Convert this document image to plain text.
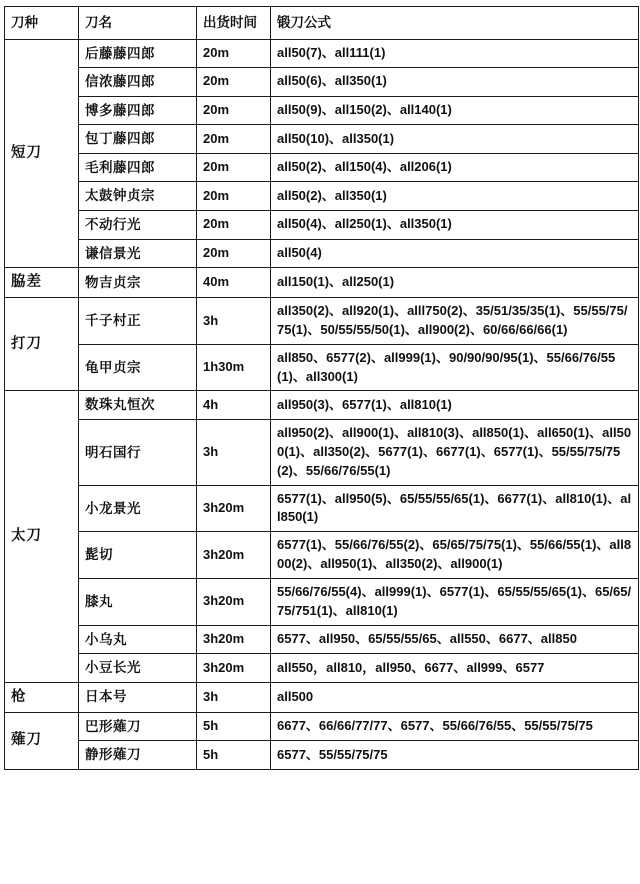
刀种	刀名	出货时间	锻刀公式
短刀	后藤藤四郎	20m	all50(7)、all111(1)
	信浓藤四郎	20m	all50(6)、all350(1)
	博多藤四郎	20m	all50(9)、all150(2)、all140(1)
	包丁藤四郎	20m	all50(10)、all350(1)
	毛利藤四郎	20m	all50(2)、all150(4)、all206(1)
	太鼓钟贞宗	20m	all50(2)、all350(1)
	不动行光	20m	all50(4)、all250(1)、all350(1)
	谦信景光	20m	all50(4)
脇差	物吉贞宗	40m	all150(1)、all250(1)
打刀	千子村正	3h	all350(2)、all920(1)、alll750(2)、35/51/35/35(1)、55/55/75/75(1)、50/55/55/50(1)、all900(2)、60/66/66/66(1)
	龟甲贞宗	1h30m	all850、6577(2)、all999(1)、90/90/90/95(1)、55/66/76/55(1)、all300(1)
太刀	数珠丸恒次	4h	all950(3)、6577(1)、all810(1)
	明石国行	3h	all950(2)、all900(1)、all810(3)、all850(1)、all650(1)、all500(1)、all350(2)、5677(1)、6677(1)、6577(1)、55/55/75/75(2)、55/66/76/55(1)
	小龙景光	3h20m	6577(1)、all950(5)、65/55/55/65(1)、6677(1)、all810(1)、all850(1)
	髭切	3h20m	6577(1)、55/66/76/55(2)、65/65/75/75(1)、55/66/55(1)、all800(2)、all950(1)、all350(2)、all900(1)
	膝丸	3h20m	55/66/76/55(4)、all999(1)、6577(1)、65/55/55/65(1)、65/65/75/751(1)、all810(1)
	小乌丸	3h20m	6577、all950、65/55/55/65、all550、6677、all850
	小豆长光	3h20m	all550，all810，all950、6677、all999、6577
枪	日本号	3h	all500
薙刀	巴形薙刀	5h	6677、66/66/77/77、6577、55/66/76/55、55/55/75/75
	静形薙刀	5h	6577、55/55/75/75
